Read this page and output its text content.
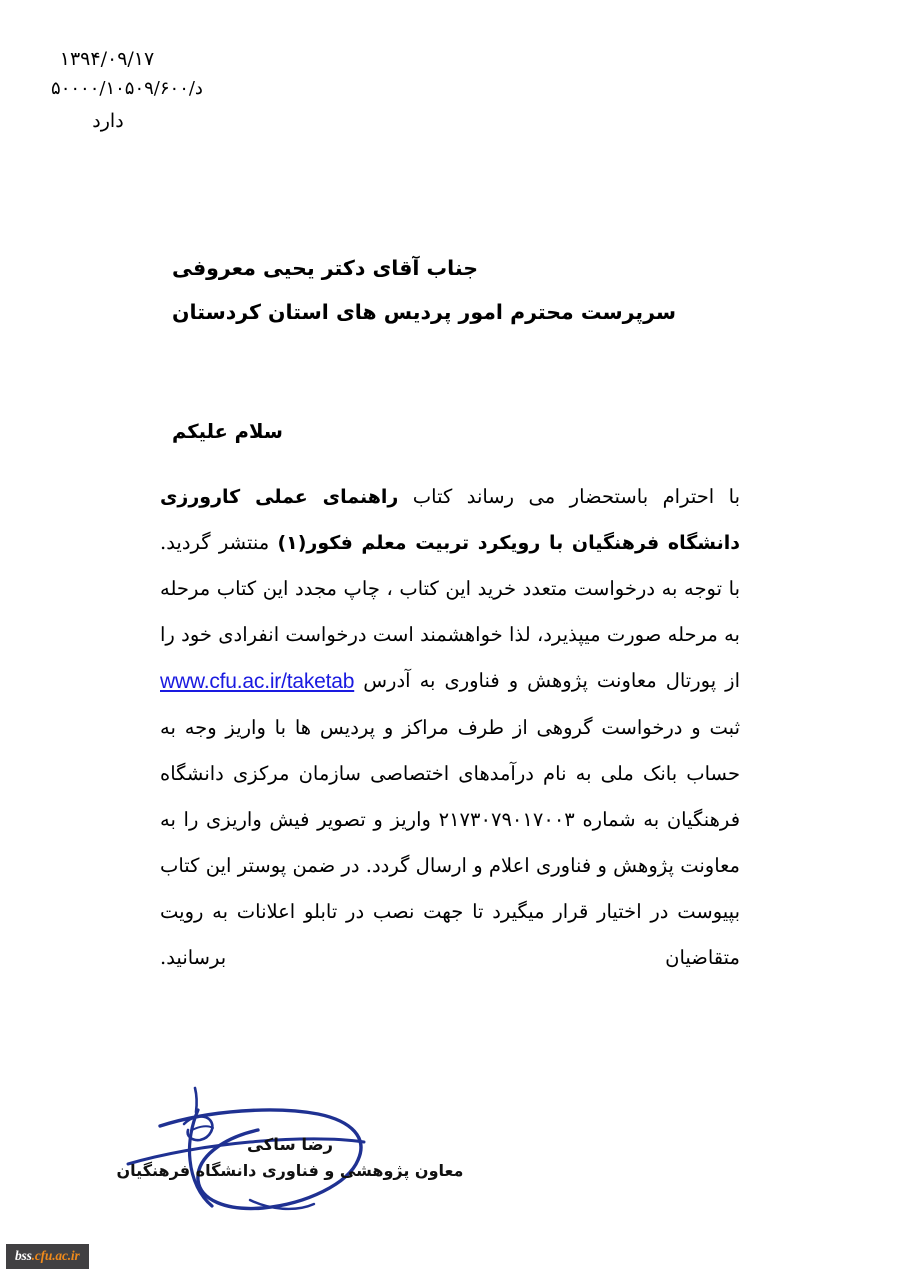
۱۳۹۴/۰۹/۱۷
د/۵۰۰۰۰/۱۰۵۰۹/۶۰۰
دارد
جناب آقای دکتر یحیی معروفی
سرپرست محترم امور پردیس های استان کردستان
سلام علیکم

با احترام باستحضار می رساند کتاب راهنمای عملی کارورزی دانشگاه فرهنگیان با رویکرد تربیت معلم فکور(۱) منتشر گردید. با توجه به درخواست متعدد خرید این کتاب ، چاپ مجدد این کتاب مرحله به مرحله صورت میپذیرد، لذا خواهشمند است درخواست انفرادی خود را از پورتال معاونت پژوهش و فناوری به آدرس www.cfu.ac.ir/taketab ثبت و درخواست گروهی از طرف مراکز و پردیس ها با واریز وجه به حساب بانک ملی به نام درآمدهای اختصاصی سازمان مرکزی دانشگاه فرهنگیان به شماره ۲۱۷۳۰۷۹۰۱۷۰۰۳ واریز و تصویر فیش واریزی را به معاونت پژوهش و فناوری اعلام و ارسال گردد. در ضمن پوستر این کتاب بپیوست در اختیار قرار میگیرد تا جهت نصب در تابلو اعلانات به رویت متقاضیان برسانید.

رضا ساکی
معاون پژوهشی و فناوری دانشگاه فرهنگیان
bss.cfu.ac.ir
